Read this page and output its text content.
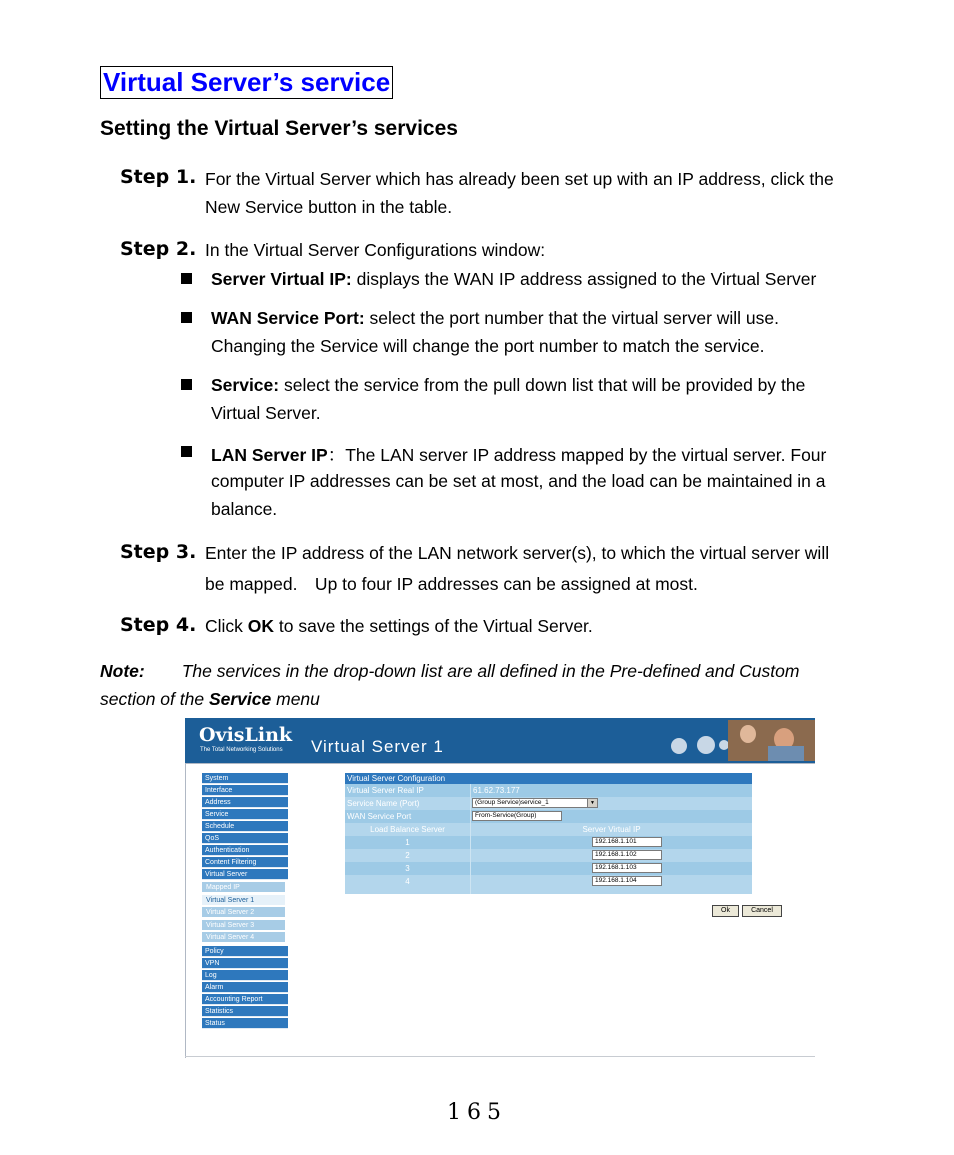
Virtual Server’s service
Setting the Virtual Server’s services
Step 1. For the Virtual Server which has already been set up with an IP address, click the
New Service button in the table.
Step 2. In the Virtual Server Configurations window:
Server Virtual IP: displays the WAN IP address assigned to the Virtual Server
WAN Service Port: select the port number that the virtual server will use.
Changing the Service will change the port number to match the service.
Service: select the service from the pull down list that will be provided by the
Virtual Server.
LAN Server IP：The LAN server IP address mapped by the virtual server. Four
computer IP addresses can be set at most, and the load can be maintained in a
balance.
Step 3. Enter the IP address of the LAN network server(s), to which the virtual server will
be mapped.　Up to four IP addresses can be assigned at most.
Step 4. Click OK to save the settings of the Virtual Server.
Note: The services in the drop-down list are all defined in the Pre-defined and Custom
section of the Service menu
OvisLink
The Total Networking Solutions Virtual Server 1
System
Interface
Address
Service
Schedule
QoS
Authentication
Content Filtering
Virtual Server
Mapped IP
Virtual Server 1
Virtual Server 2
Virtual Server 3
Virtual Server 4
Policy
VPN
Log
Alarm
Accounting Report
Statistics
Status
Virtual Server Configuration
Virtual Server Real IP	61.62.73.177
Service Name (Port)	(Group Service)service_1	▼
WAN Service Port	From-Service(Group)
Load Balance Server	Server Virtual IP
1	192.168.1.101
2	192.168.1.102
3	192.168.1.103
4	192.168.1.104
Ok	Cancel
165
